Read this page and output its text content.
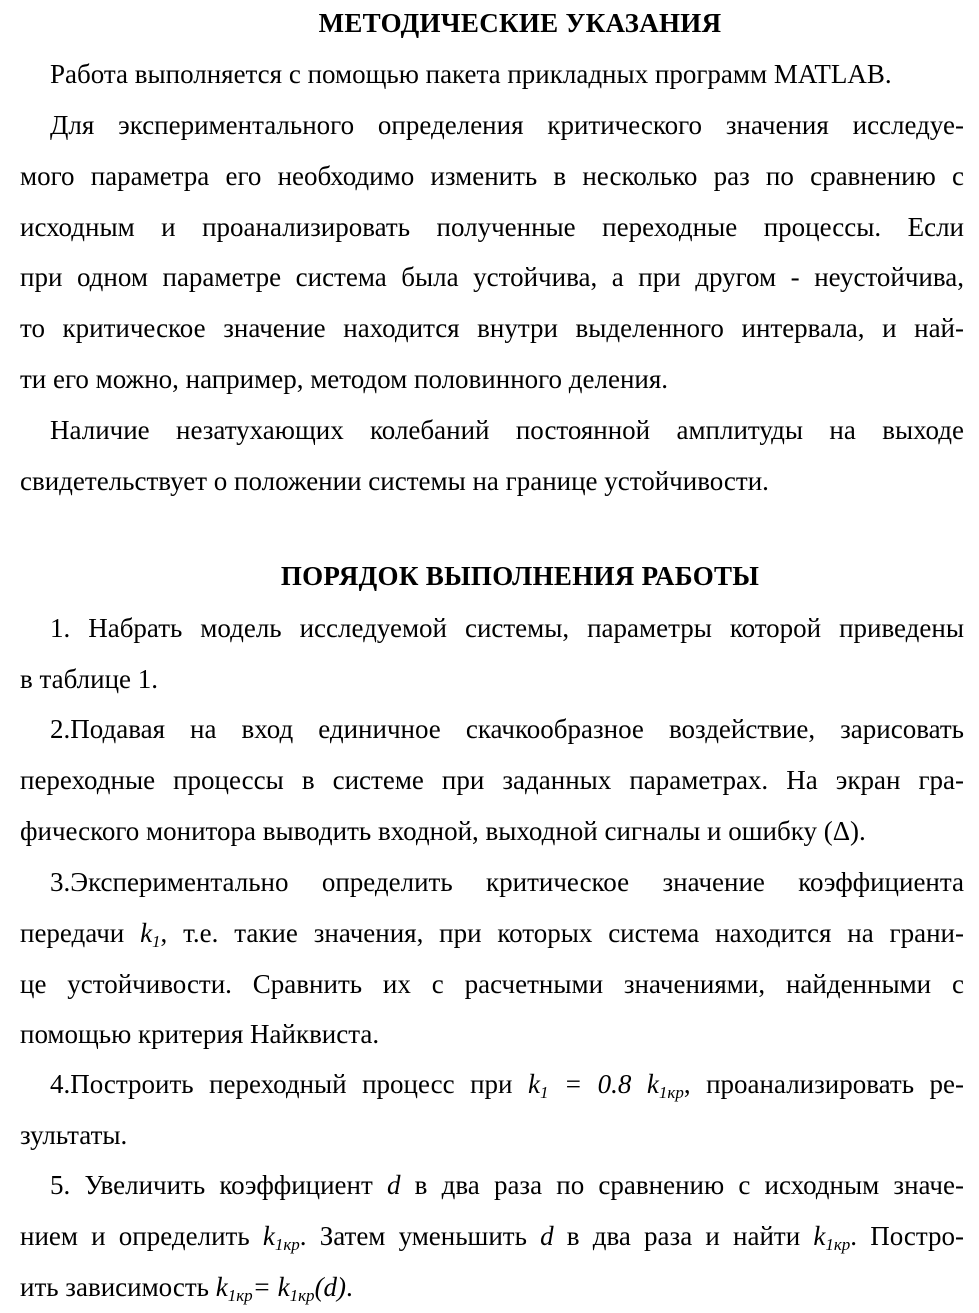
МЕТОДИЧЕСКИЕ УКАЗАНИЯ

Работа выполняется с помощью пакета прикладных программ MATLAB.

Для экспериментального определения критического значения исследуе-
мого параметра его необходимо изменить в несколько раз по сравнению с
исходным и проанализировать полученные переходные процессы. Если
при одном параметре система была устойчива, а при другом - неустойчива,
то критическое значение находится внутри выделенного интервала, и най-
ти его можно, например, методом половинного деления.
Наличие незатухающих колебаний постоянной амплитуды на выходе
свидетельствует о положении системы на границе устойчивости.
ПОРЯДОК ВЫПОЛНЕНИЯ РАБОТЫ
1. Набрать модель исследуемой системы, параметры которой приведены
в таблице 1.
2.Подавая на вход единичное скачкообразное воздействие, зарисовать
переходные процессы в системе при заданных параметрах. На экран гра-
фического монитора выводить входной, выходной сигналы и ошибку (Δ).
3.Экспериментально определить критическое значение коэффициента
передачи $k_1$, т.е. такие значения, при которых система находится на грани-
це устойчивости. Сравнить их с расчетными значениями, найденными с
помощью критерия Найквиста.
4.Построить переходный процесс при $k_1 = 0.8$ $k_{1кр}$, проанализировать ре-
зультаты.
5. Увеличить коэффициент d в два раза по сравнению с исходным значе-
нием и определить $k_{1кр}$. Затем уменьшить d в два раза и найти $k_{1кр}$. Постро-
ить зависимость $k_{1кр}= k_{1кр}(d)$.
